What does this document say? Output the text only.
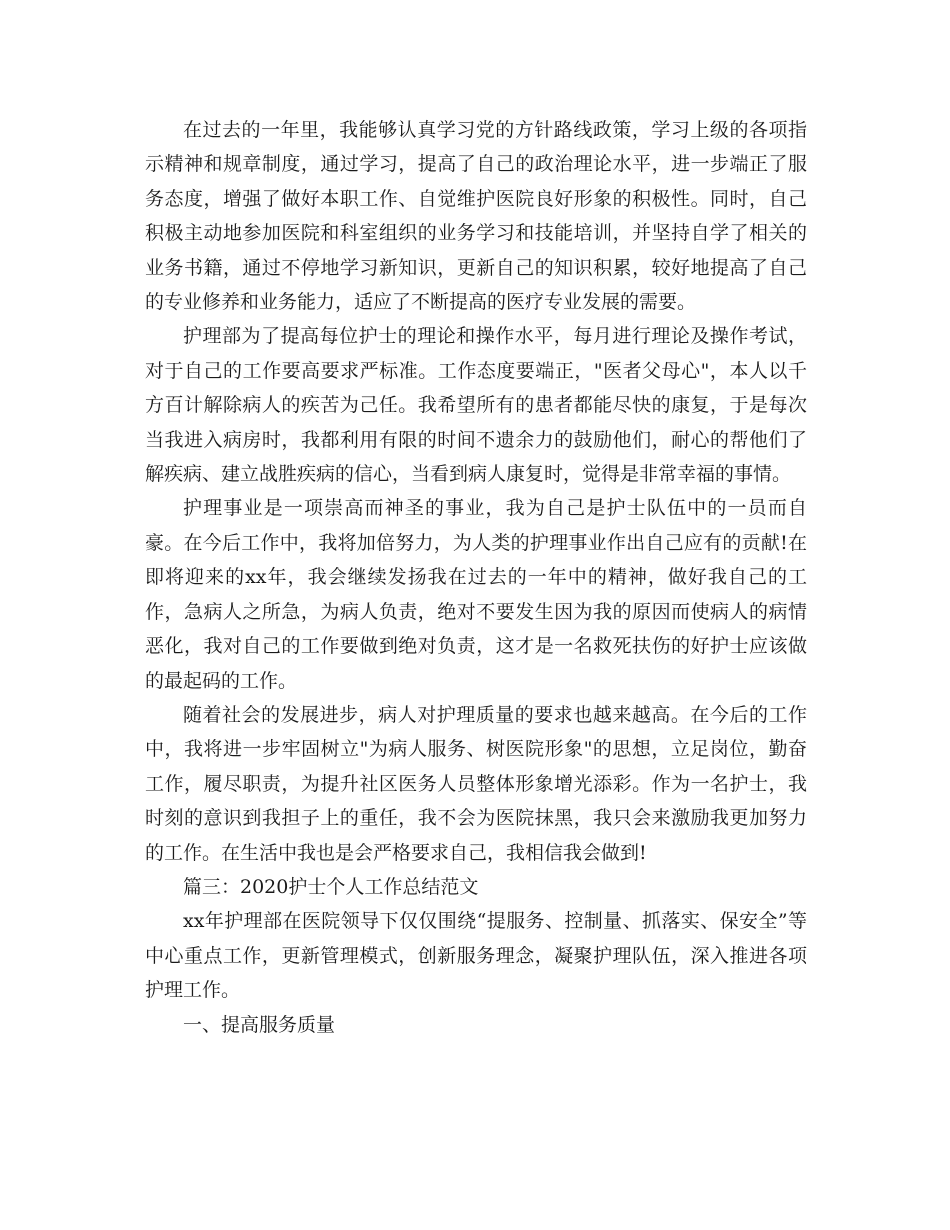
在过去的一年里，我能够认真学习党的方针路线政策，学习上级的各项指示精神和规章制度，通过学习，提高了自己的政治理论水平，进一步端正了服务态度，增强了做好本职工作、自觉维护医院良好形象的积极性。同时，自己积极主动地参加医院和科室组织的业务学习和技能培训，并坚持自学了相关的业务书籍，通过不停地学习新知识，更新自己的知识积累，较好地提高了自己的专业修养和业务能力，适应了不断提高的医疗专业发展的需要。

护理部为了提高每位护士的理论和操作水平，每月进行理论及操作考试，对于自己的工作要高要求严标准。工作态度要端正，"医者父母心"，本人以千方百计解除病人的疾苦为己任。我希望所有的患者都能尽快的康复，于是每次当我进入病房时，我都利用有限的时间不遗余力的鼓励他们，耐心的帮他们了解疾病、建立战胜疾病的信心，当看到病人康复时，觉得是非常幸福的事情。

护理事业是一项崇高而神圣的事业，我为自己是护士队伍中的一员而自豪。在今后工作中，我将加倍努力，为人类的护理事业作出自己应有的贡献!在即将迎来的xx年，我会继续发扬我在过去的一年中的精神，做好我自己的工作，急病人之所急，为病人负责，绝对不要发生因为我的原因而使病人的病情恶化，我对自己的工作要做到绝对负责，这才是一名救死扶伤的好护士应该做的最起码的工作。

随着社会的发展进步，病人对护理质量的要求也越来越高。在今后的工作中，我将进一步牢固树立"为病人服务、树医院形象"的思想，立足岗位，勤奋工作，履尽职责，为提升社区医务人员整体形象增光添彩。作为一名护士，我时刻的意识到我担子上的重任，我不会为医院抹黑，我只会来激励我更加努力的工作。在生活中我也是会严格要求自己，我相信我会做到!

篇三：2020护士个人工作总结范文

xx年护理部在医院领导下仅仅围绕“提服务、控制量、抓落实、保安全”等中心重点工作，更新管理模式，创新服务理念，凝聚护理队伍，深入推进各项护理工作。

一、提高服务质量
